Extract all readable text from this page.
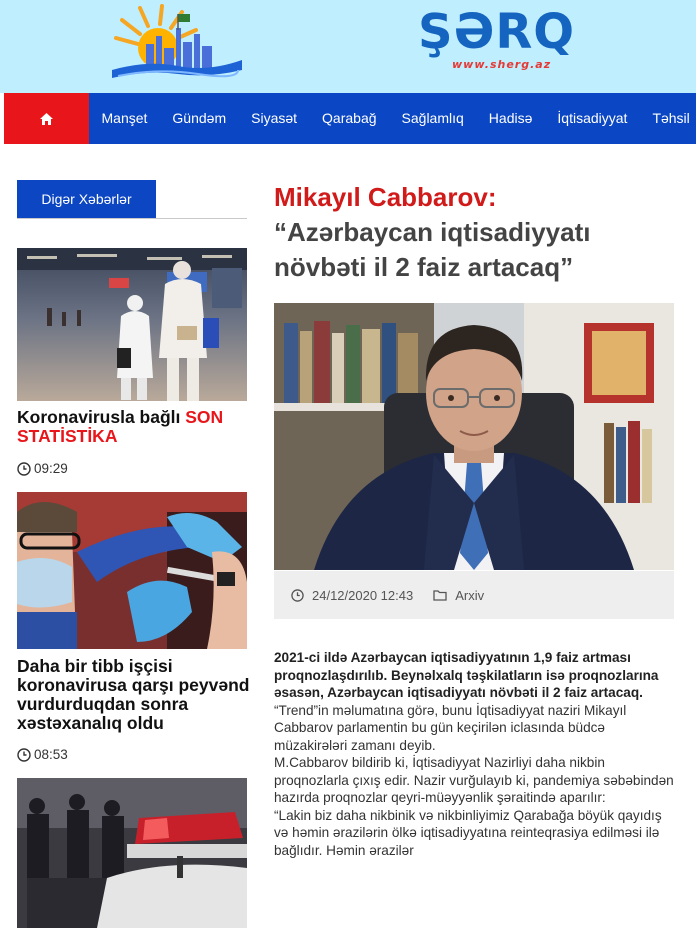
ŞƏRQ
www.sherg.az
Manşet	Gündəm	Siyasət	Qarabağ	Sağlamlıq	Hadisə	İqtisadiyyat	Təhsil
Digər Xəbərlər
Koronavirusla bağlı SON STATİSTİKA
09:29
Daha bir tibb işçisi koronavirusa qarşı peyvənd vurdurduqdan sonra xəstəxanalıq oldu
08:53
Mikayıl Cabbarov:
“Azərbaycan iqtisadiyyatı növbəti il 2 faiz artacaq”
24/12/2020 12:43	Arxiv
2021-ci ildə Azərbaycan iqtisadiyyatının 1,9 faiz artması proqnozlaşdırılıb. Beynəlxalq təşkilatların isə proqnozlarına əsasən, Azərbaycan iqtisadiyyatı növbəti il 2 faiz artacaq.
“Trend”in məlumatına görə, bunu İqtisadiyyat naziri Mikayıl Cabbarov parlamentin bu gün keçirilən iclasında büdcə müzakirələri zamanı deyib.
M.Cabbarov bildirib ki, İqtisadiyyat Nazirliyi daha nikbin proqnozlarla çıxış edir. Nazir vurğulayıb ki, pandemiya səbəbindən hazırda proqnozlar qeyri-müəyyənlik şəraitində aparılır:
“Lakin biz daha nikbinik və nikbinliyimiz Qarabağa böyük qayıdış və həmin ərazilərin ölkə iqtisadiyyatına reinteqrasiya edilməsi ilə bağlıdır. Həmin ərazilər
